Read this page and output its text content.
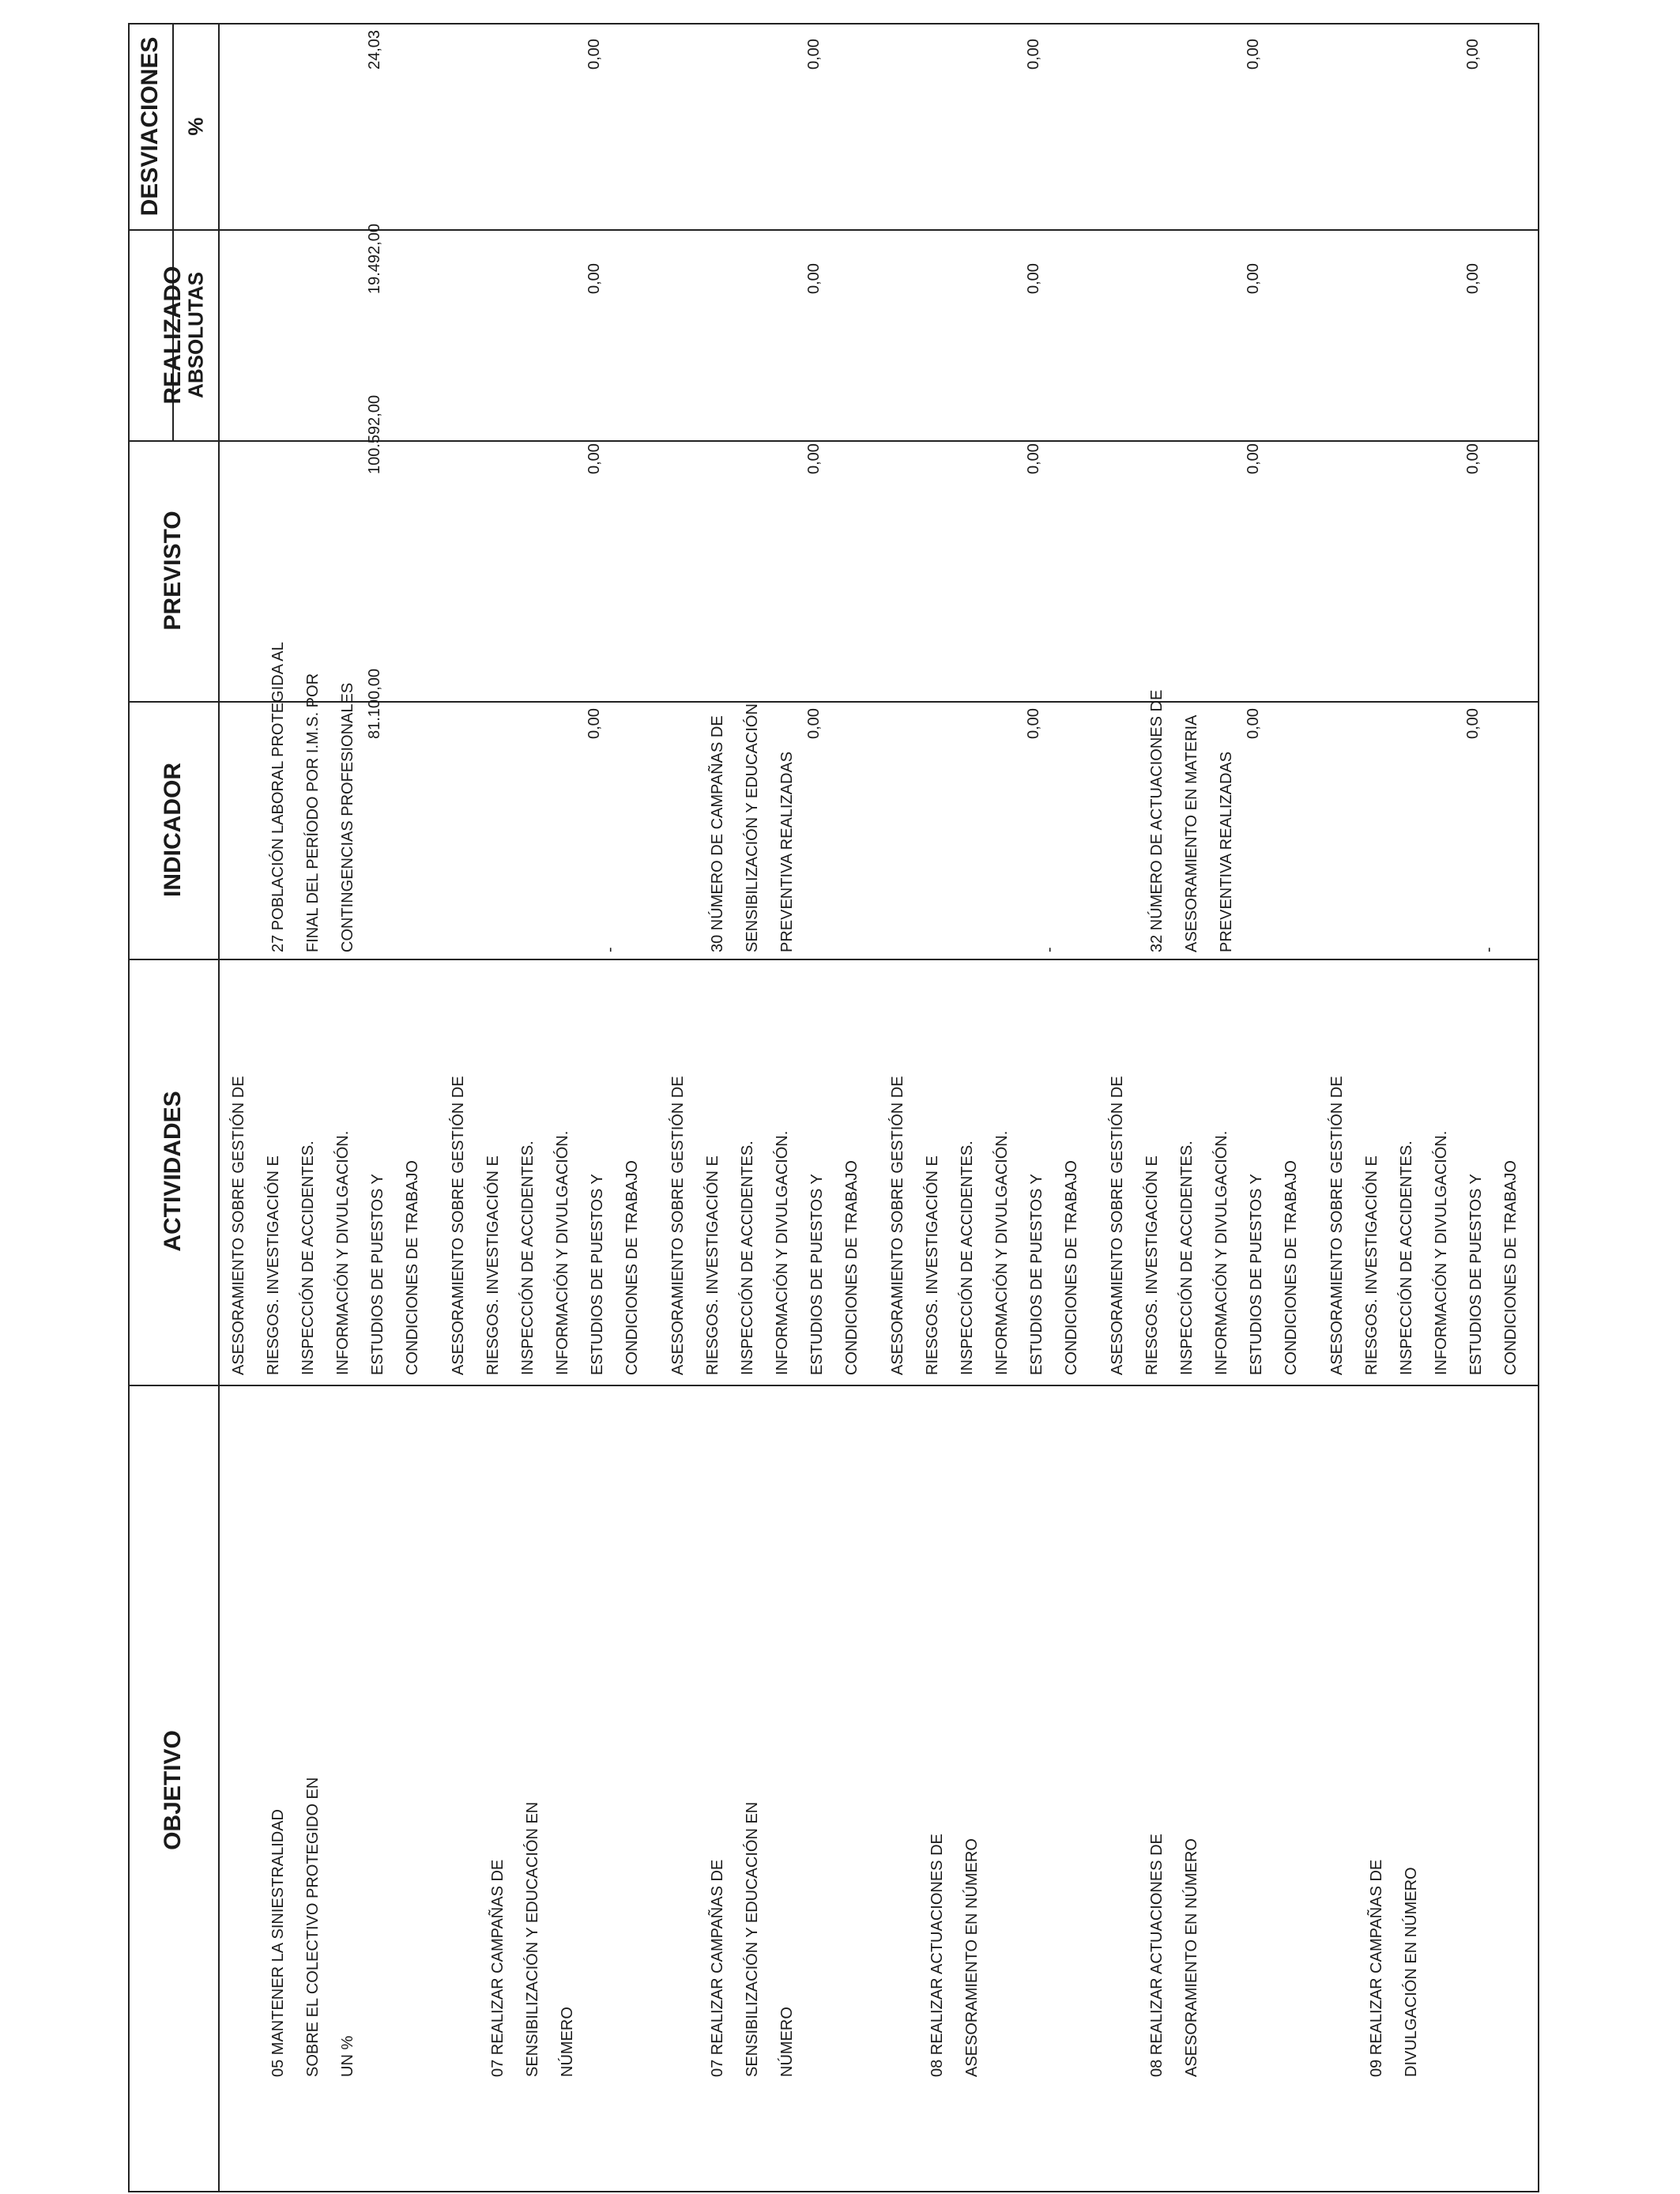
OBJETIVO
ACTIVIDADES
INDICADOR
PREVISTO
REALIZADO
DESVIACIONES
ABSOLUTAS
%
05 MANTENER LA SINIESTRALIDAD
SOBRE EL COLECTIVO PROTEGIDO EN
UN %
ASESORAMIENTO SOBRE GESTIÓN DE
RIESGOS. INVESTIGACIÓN E
INSPECCIÓN DE ACCIDENTES.
INFORMACIÓN Y DIVULGACIÓN.
ESTUDIOS DE PUESTOS Y
CONDICIONES DE TRABAJO
27 POBLACIÓN LABORAL PROTEGIDA AL
FINAL DEL PERÍODO POR I.M.S. POR
CONTINGENCIAS PROFESIONALES 81.100,00
100.592,00
19.492,00
24,03
07 REALIZAR CAMPAÑAS DE
SENSIBILIZACIÓN Y EDUCACIÓN EN
NÚMERO
ASESORAMIENTO SOBRE GESTIÓN DE
RIESGOS. INVESTIGACIÓN E
INSPECCIÓN DE ACCIDENTES.
INFORMACIÓN Y DIVULGACIÓN.
ESTUDIOS DE PUESTOS Y
CONDICIONES DE TRABAJO
-
0,00
0,00
0,00
0,00
07 REALIZAR CAMPAÑAS DE
SENSIBILIZACIÓN Y EDUCACIÓN EN
NÚMERO
ASESORAMIENTO SOBRE GESTIÓN DE
RIESGOS. INVESTIGACIÓN E
INSPECCIÓN DE ACCIDENTES.
INFORMACIÓN Y DIVULGACIÓN.
ESTUDIOS DE PUESTOS Y
CONDICIONES DE TRABAJO
30 NÚMERO DE CAMPAÑAS DE
SENSIBILIZACIÓN Y EDUCACIÓN
PREVENTIVA REALIZADAS
0,00
0,00
0,00
0,00
08 REALIZAR ACTUACIONES DE
ASESORAMIENTO EN NÚMERO
ASESORAMIENTO SOBRE GESTIÓN DE
RIESGOS. INVESTIGACIÓN E
INSPECCIÓN DE ACCIDENTES.
INFORMACIÓN Y DIVULGACIÓN.
ESTUDIOS DE PUESTOS Y
CONDICIONES DE TRABAJO
-
0,00
0,00
0,00
0,00
08 REALIZAR ACTUACIONES DE
ASESORAMIENTO EN NÚMERO
ASESORAMIENTO SOBRE GESTIÓN DE
RIESGOS. INVESTIGACIÓN E
INSPECCIÓN DE ACCIDENTES.
INFORMACIÓN Y DIVULGACIÓN.
ESTUDIOS DE PUESTOS Y
CONDICIONES DE TRABAJO
32 NÚMERO DE ACTUACIONES DE
ASESORAMIENTO EN MATERIA
PREVENTIVA REALIZADAS
0,00
0,00
0,00
0,00
09 REALIZAR CAMPAÑAS DE
DIVULGACIÓN EN NÚMERO
ASESORAMIENTO SOBRE GESTIÓN DE
RIESGOS. INVESTIGACIÓN E
INSPECCIÓN DE ACCIDENTES.
INFORMACIÓN Y DIVULGACIÓN.
ESTUDIOS DE PUESTOS Y
CONDICIONES DE TRABAJO
-
0,00
0,00
0,00
0,00
